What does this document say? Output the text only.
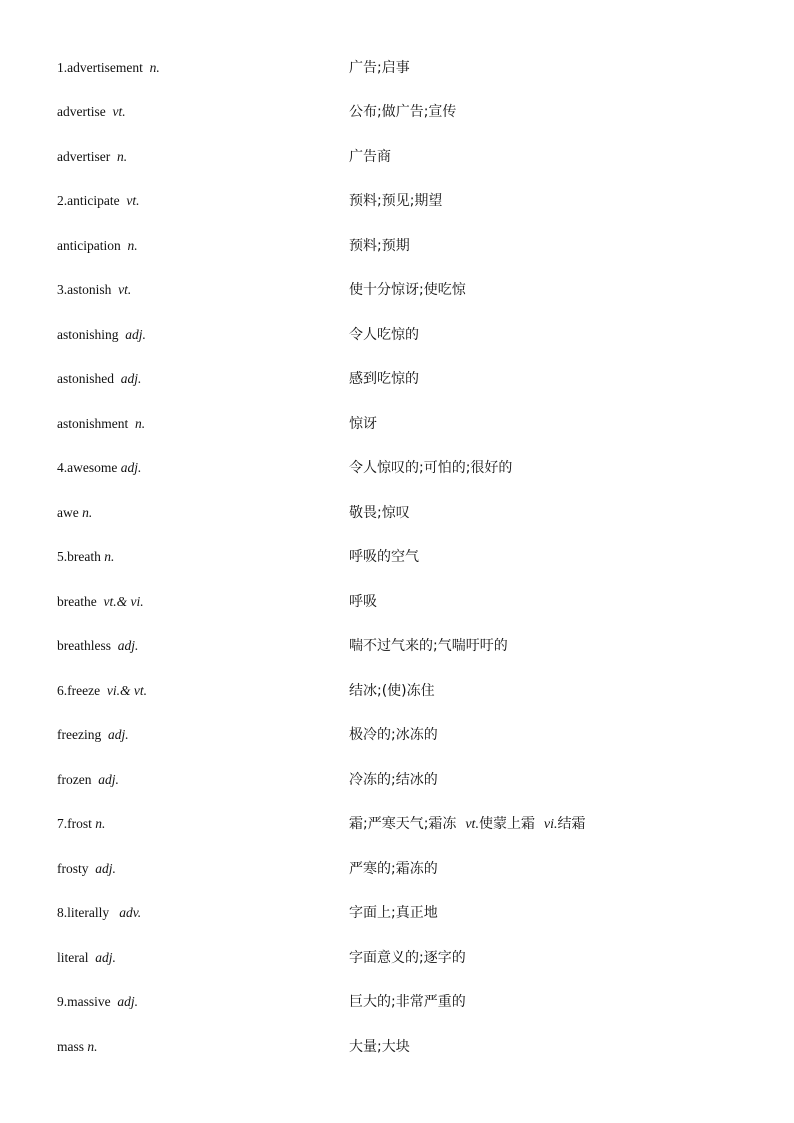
1.advertisement n.	广告;启事
advertise vt.	公布;做广告;宣传
advertiser n.	广告商
2.anticipate vt.	预料;预见;期望
anticipation n.	预料;预期
3.astonish vt.	使十分惊讶;使吃惊
astonishing adj.	令人吃惊的
astonished adj.	感到吃惊的
astonishment n.	惊讶
4.awesome adj.	令人惊叹的;可怕的;很好的
awe n.	敬畏;惊叹
5.breath n.	呼吸的空气
breathe vt.& vi.	呼吸
breathless adj.	喘不过气来的;气喘吁吁的
6.freeze vi.& vt.	结冰;(使)冻住
freezing adj.	极冷的;冰冻的
frozen adj.	冷冻的;结冰的
7.frost n.	霜;严寒天气;霜冻 vt.使蒙上霜 vi.结霜
frosty adj.	严寒的;霜冻的
8.literally adv.	字面上;真正地
literal adj.	字面意义的;逐字的
9.massive adj.	巨大的;非常严重的
mass n.	大量;大块
